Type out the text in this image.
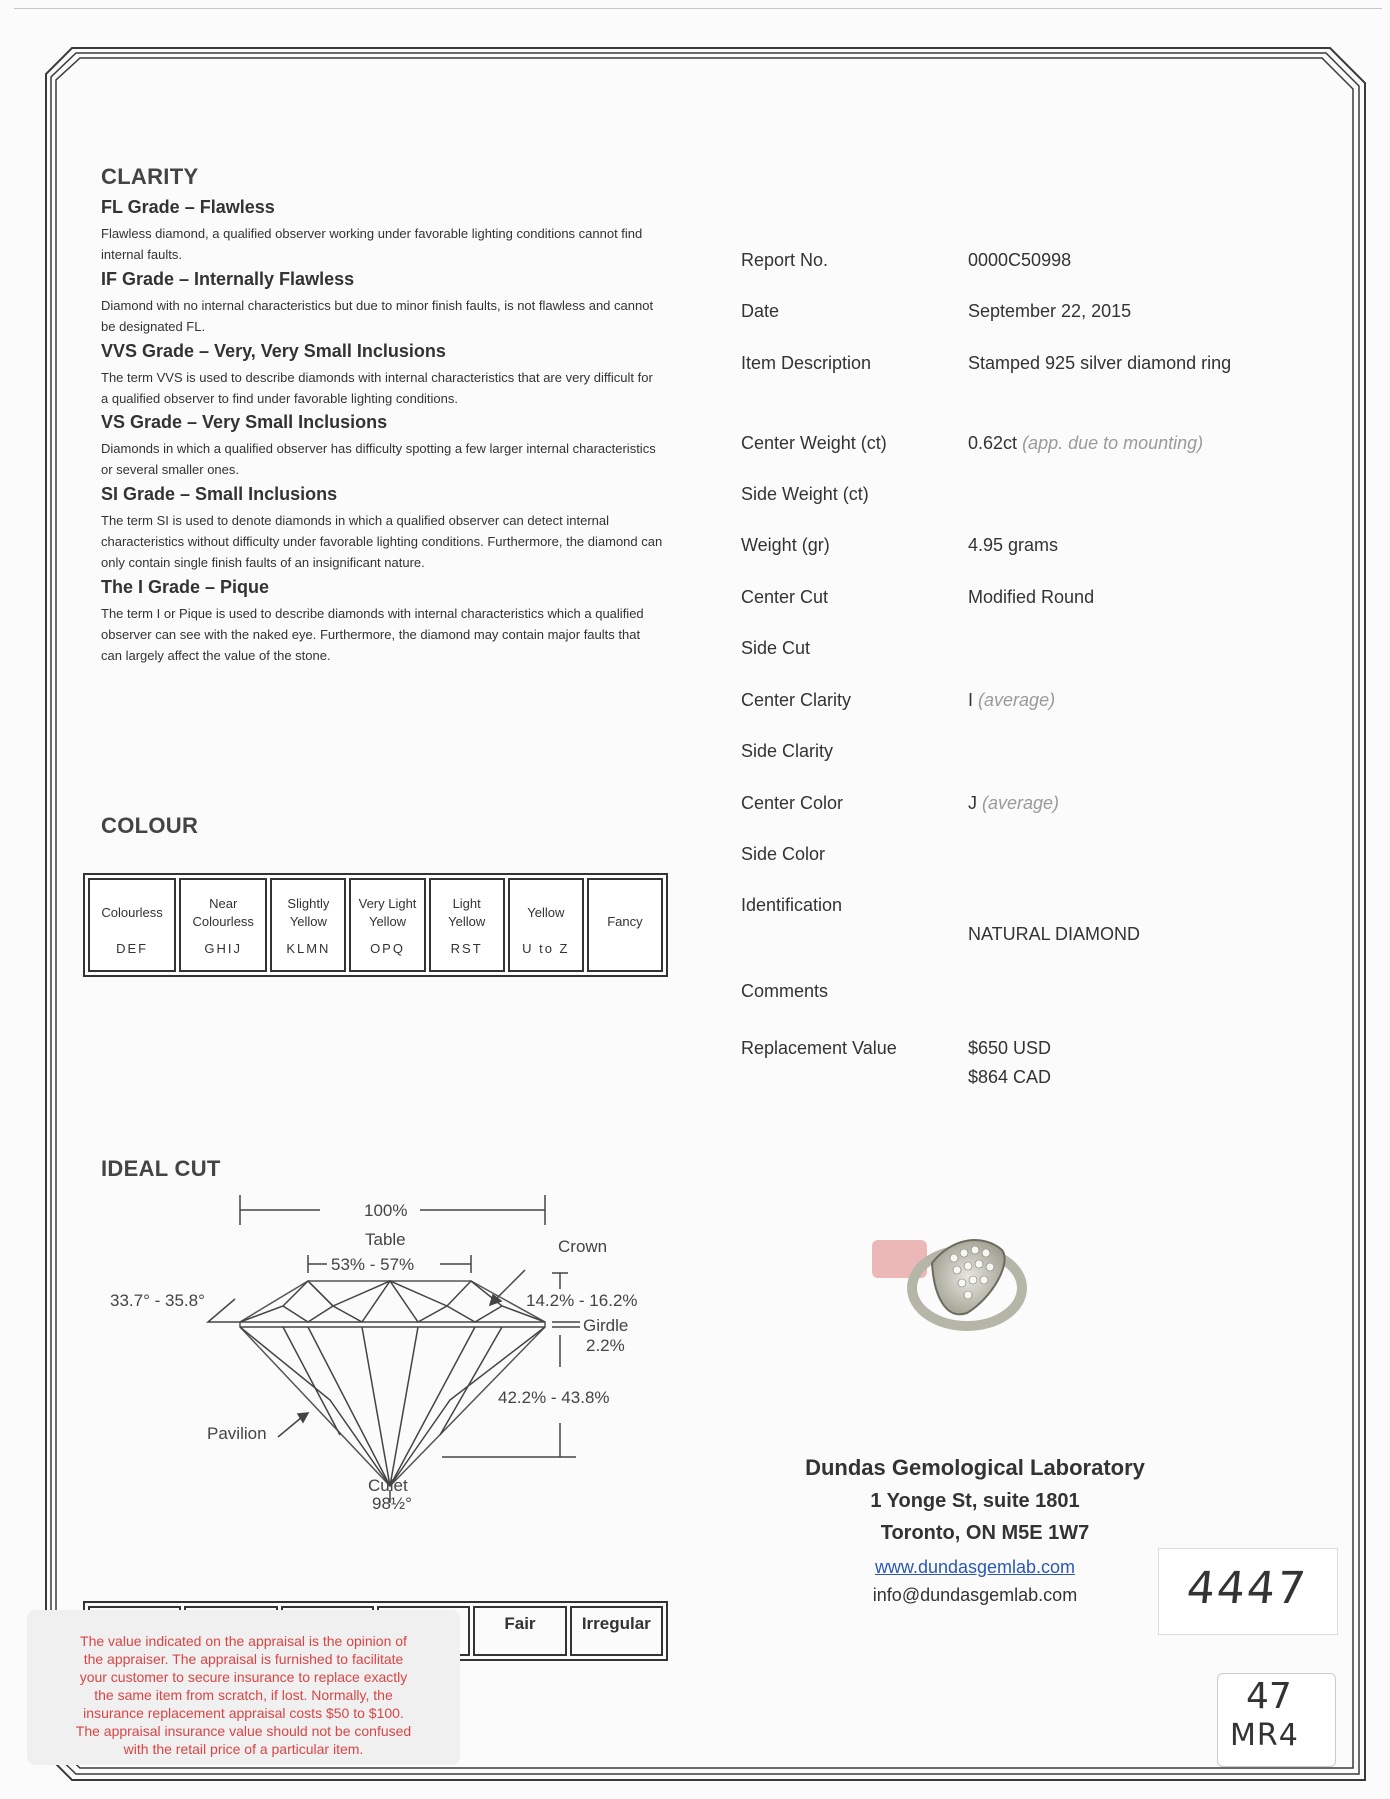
CLARITY
FL Grade – Flawless
Flawless diamond, a qualified observer working under favorable lighting conditions cannot find internal faults.
IF Grade – Internally Flawless
Diamond with no internal characteristics but due to minor finish faults, is not flawless and cannot be designated FL.
VVS Grade – Very, Very Small Inclusions
The term VVS is used to describe diamonds with internal characteristics that are very difficult for a qualified observer to find under favorable lighting conditions.
VS Grade – Very Small Inclusions
Diamonds in which a qualified observer has difficulty spotting a few larger internal characteristics or several smaller ones.
SI Grade – Small Inclusions
The term SI is used to denote diamonds in which a qualified observer can detect internal characteristics without difficulty under favorable lighting conditions. Furthermore, the diamond can only contain single finish faults of an insignificant nature.
The I Grade – Pique
The term I or Pique is used to describe diamonds with internal characteristics which a qualified observer can see with the naked eye. Furthermore, the diamond may contain major faults that can largely affect the value of the stone.
COLOUR
Colourless
DEF
Near Colourless
GHIJ
Slightly Yellow
KLMN
Very Light Yellow
OPQ
Light Yellow
RST
Yellow
U to Z
Fancy
IDEAL CUT
100%
Table
53% - 57%
Crown
33.7° - 35.8°	14.2% - 16.2%
Girdle
2.2%
42.2% - 43.8%
Pavilion
Culet
98½°
Report No.	0000C50998
Date	September 22, 2015
Item Description	Stamped 925 silver diamond ring
Center Weight (ct)	0.62ct (app. due to mounting)
Side Weight (ct)
Weight (gr)	4.95 grams
Center Cut	Modified Round
Side Cut
Center Clarity	I (average)
Side Clarity
Center Color	J (average)
Side Color
Identification
NATURAL DIAMOND
Comments
Replacement Value	$650 USD
$864 CAD
Dundas Gemological Laboratory
1 Yonge St, suite 1801
Toronto, ON M5E 1W7
www.dundasgemlab.com
info@dundasgemlab.com	4447
47
MR4
Fair	Irregular
The value indicated on the appraisal is the opinion of
the appraiser. The appraisal is furnished to facilitate
your customer to secure insurance to replace exactly
the same item from scratch, if lost. Normally, the
insurance replacement appraisal costs $50 to $100.
The appraisal insurance value should not be confused
with the retail price of a particular item.
